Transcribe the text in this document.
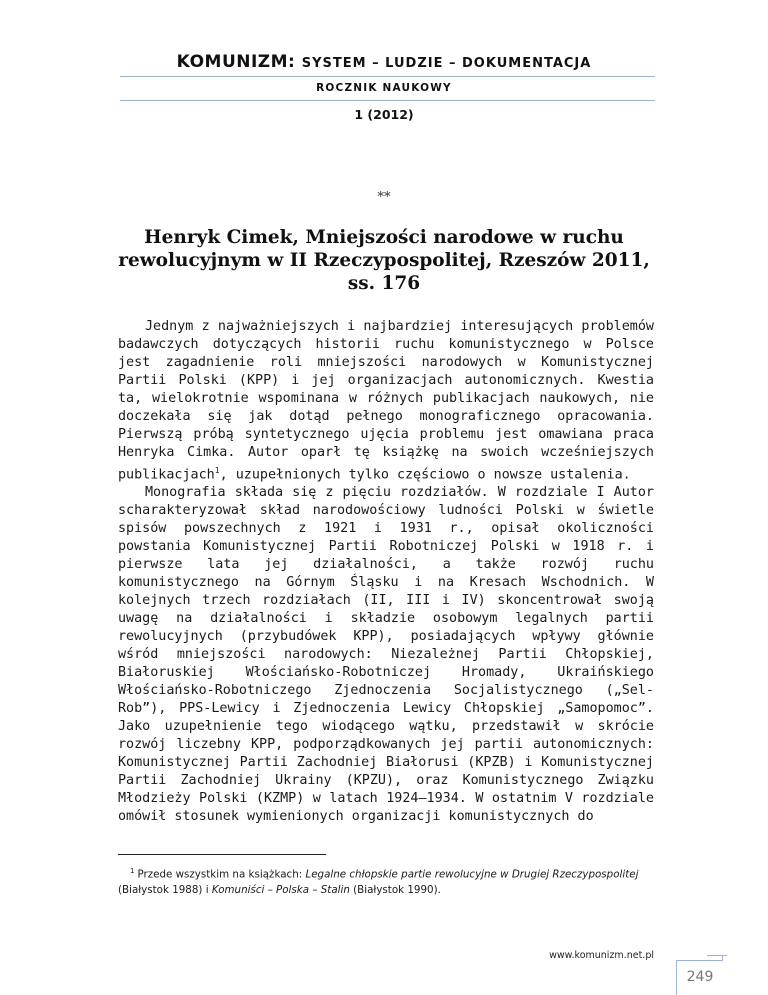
KOMUNIZM: SYSTEM – LUDZIE – DOKUMENTACJA
ROCZNIK NAUKOWY
1 (2012)
**
Henryk Cimek, Mniejszości narodowe w ruchu
rewolucyjnym w II Rzeczypospolitej, Rzeszów 2011,
ss. 176

Jednym z najważniejszych i najbardziej interesujących problemów badawczych dotyczących historii ruchu komunistycznego w Polsce jest zagadnienie roli mniejszości narodowych w Komunistycznej Partii Polski (KPP) i jej organizacjach autonomicznych. Kwestia ta, wielokrotnie wspominana w różnych publikacjach naukowych, nie doczekała się jak dotąd pełnego monograficznego opracowania. Pierwszą próbą syntetycznego ujęcia problemu jest omawiana praca Henryka Cimka. Autor oparł tę książkę na swoich wcześniejszych publikacjach$^1$, uzupełnionych tylko częściowo o nowsze ustalenia.

Monografia składa się z pięciu rozdziałów. W rozdziale I Autor scharakteryzował skład narodowościowy ludności Polski w świetle spisów powszechnych z 1921 i 1931 r., opisał okoliczności powstania Komunistycznej Partii Robotniczej Polski w 1918 r. i pierwsze lata jej działalności, a także rozwój ruchu komunistycznego na Górnym Śląsku i na Kresach Wschodnich. W kolejnych trzech rozdziałach (II, III i IV) skoncentrował swoją uwagę na działalności i składzie osobowym legalnych partii rewolucyjnych (przybudówek KPP), posiadających wpływy głównie wśród mniejszości narodowych: Niezależnej Partii Chłopskiej, Białoruskiej Włościańsko-Robotniczej Hromady, Ukraińskiego Włościańsko-Robotniczego Zjednoczenia Socjalistycznego („Sel-Rob”), PPS-Lewicy i Zjednoczenia Lewicy Chłopskiej „Samopomoc”. Jako uzupełnienie tego wiodącego wątku, przedstawił w skrócie rozwój liczebny KPP, podporządkowanych jej partii autonomicznych: Komunistycznej Partii Zachodniej Białorusi (KPZB) i Komunistycznej Partii Zachodniej Ukrainy (KPZU), oraz Komunistycznego Związku Młodzieży Polski (KZMP) w latach 1924–1934. W ostatnim V rozdziale omówił stosunek wymienionych organizacji komunistycznych do

$^1$ Przede wszystkim na książkach: Legalne chłopskie partie rewolucyjne w Drugiej Rzeczypospolitej (Białystok 1988) i Komuniści – Polska – Stalin (Białystok 1990).
www.komunizm.net.pl
249
